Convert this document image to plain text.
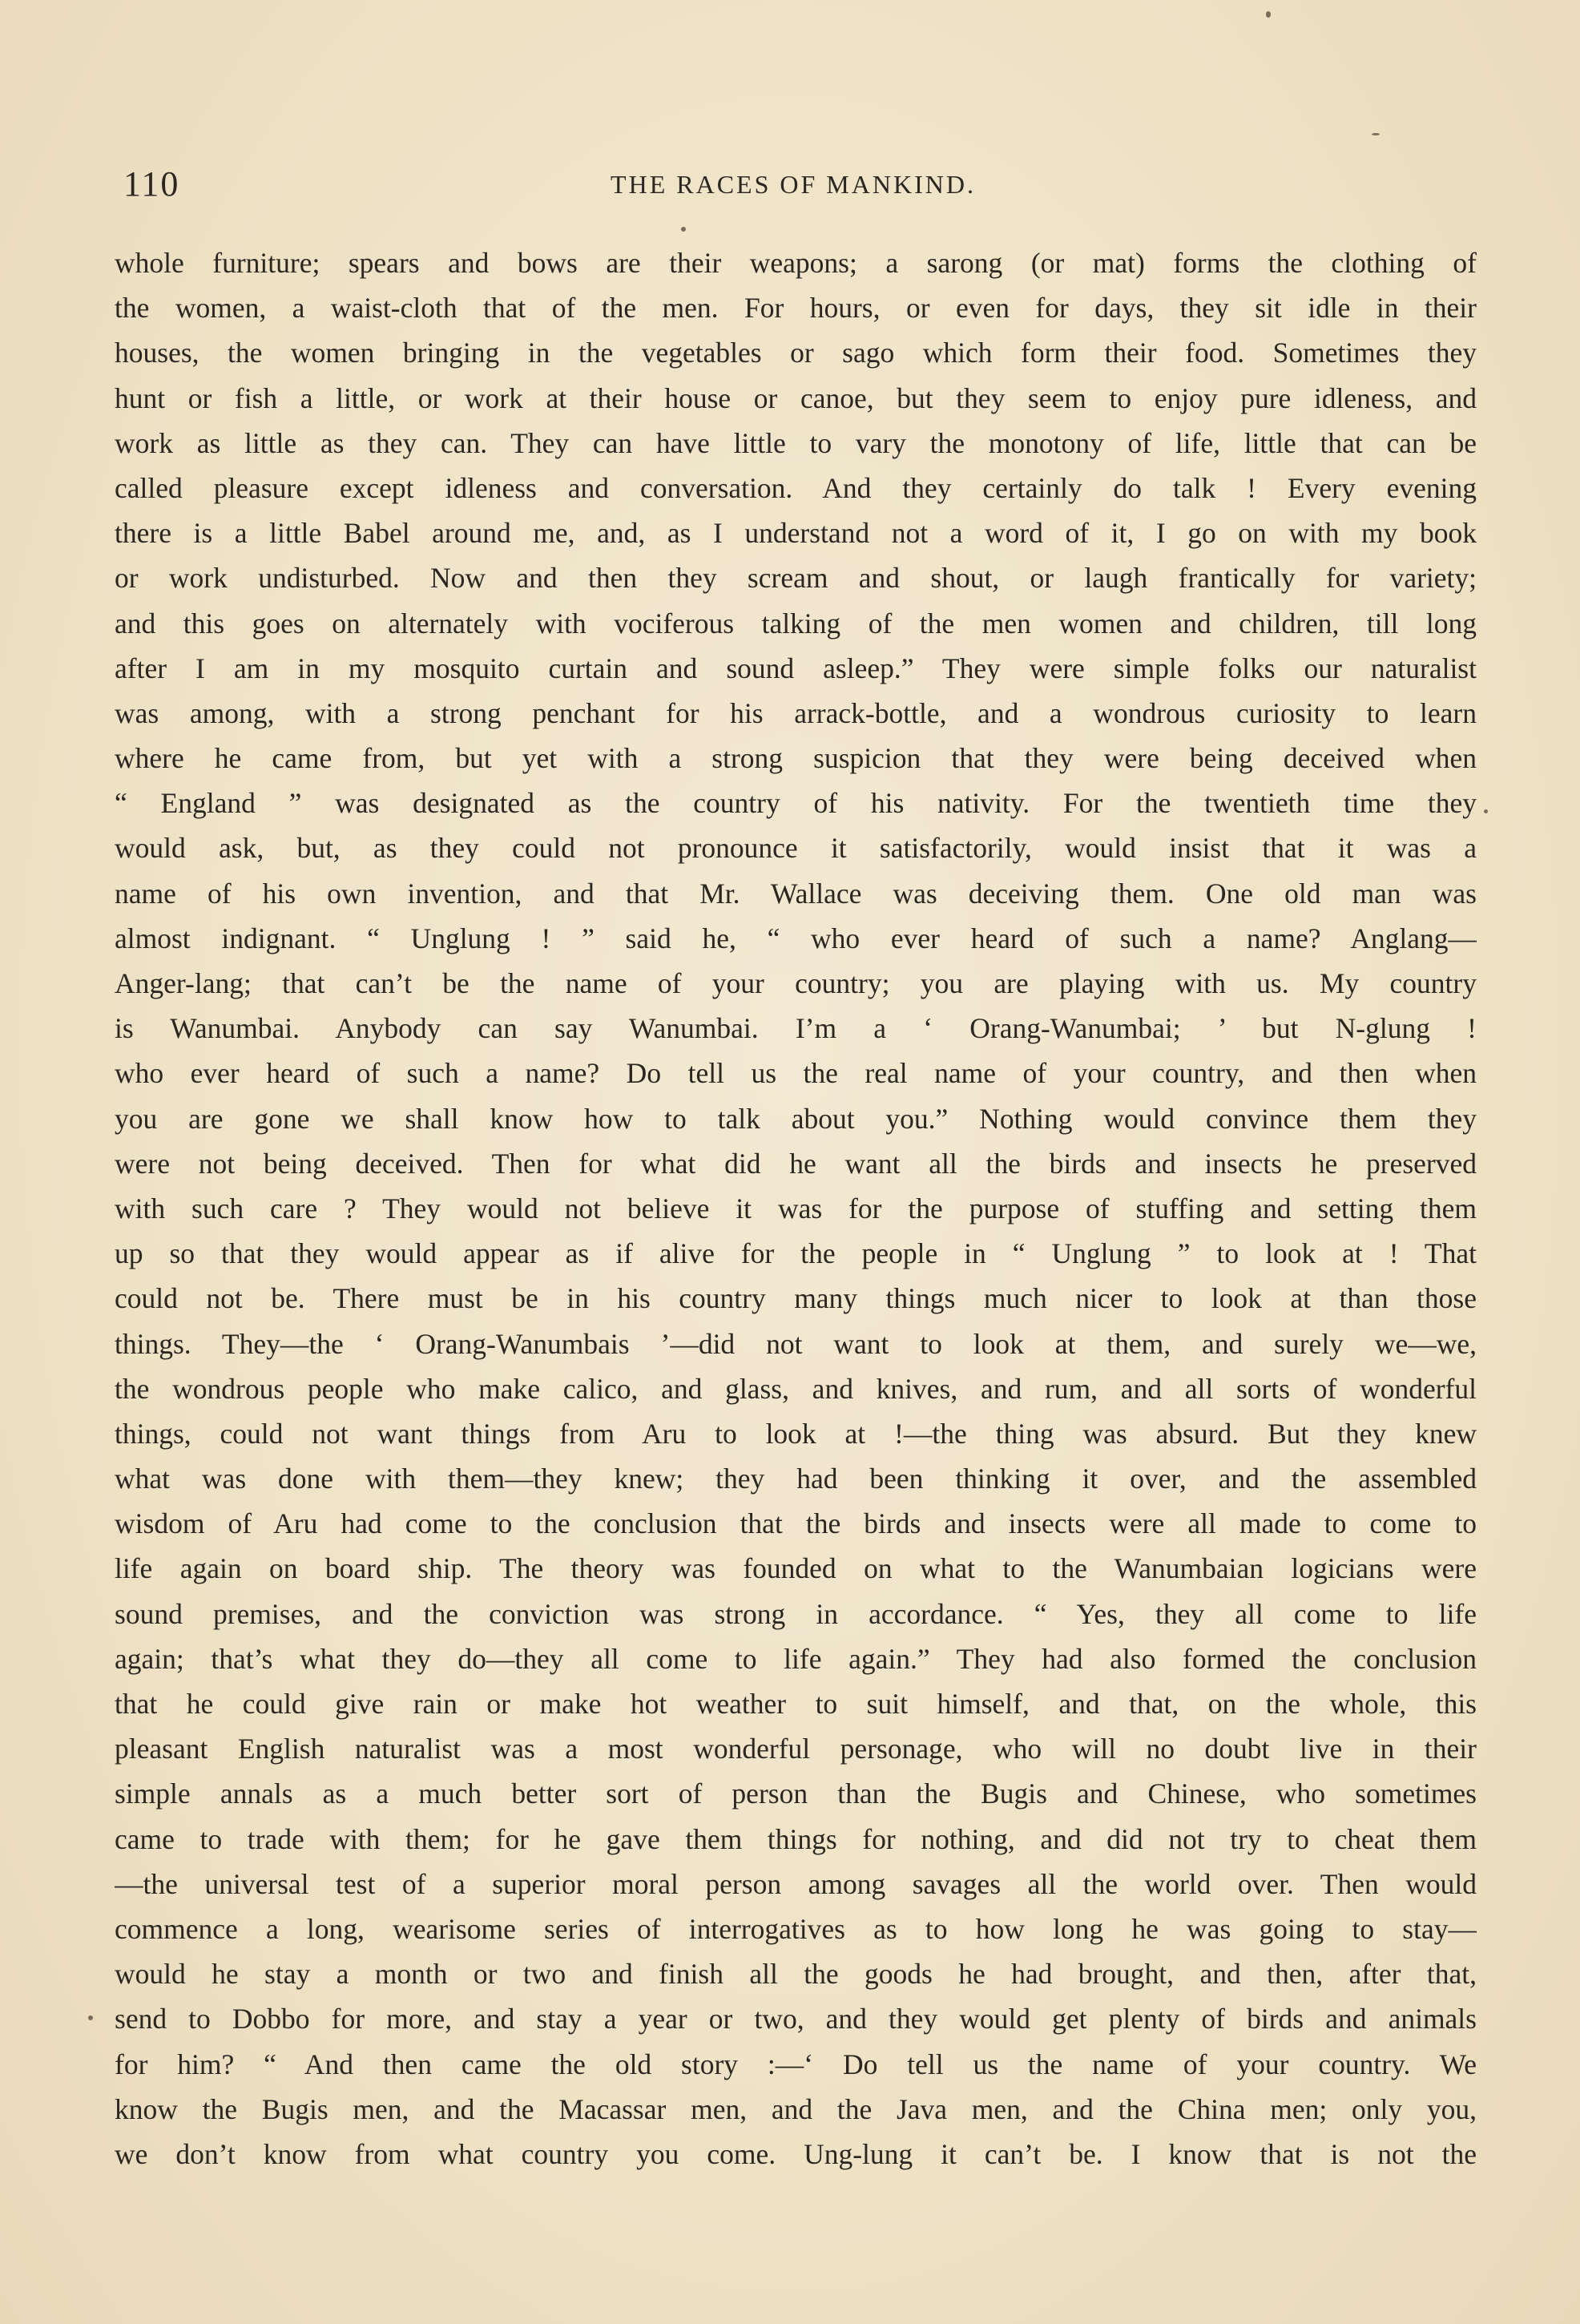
110	THE RACES OF MANKIND.
whole furniture; spears and bows are their weapons; a sarong (or mat) forms the clothing of
the women, a waist-cloth that of the men. For hours, or even for days, they sit idle in their
houses, the women bringing in the vegetables or sago which form their food. Sometimes they
hunt or fish a little, or work at their house or canoe, but they seem to enjoy pure idleness, and
work as little as they can. They can have little to vary the monotony of life, little that can be
called pleasure except idleness and conversation. And they certainly do talk ! Every evening
there is a little Babel around me, and, as I understand not a word of it, I go on with my book
or work undisturbed. Now and then they scream and shout, or laugh frantically for variety;
and this goes on alternately with vociferous talking of the men women and children, till long
after I am in my mosquito curtain and sound asleep.” They were simple folks our naturalist
was among, with a strong penchant for his arrack-bottle, and a wondrous curiosity to learn
where he came from, but yet with a strong suspicion that they were being deceived when
“ England ” was designated as the country of his nativity. For the twentieth time they
would ask, but, as they could not pronounce it satisfactorily, would insist that it was a
name of his own invention, and that Mr. Wallace was deceiving them. One old man was
almost indignant. “ Unglung ! ” said he, “ who ever heard of such a name? Anglang—
Anger-lang; that can’t be the name of your country; you are playing with us. My country
is Wanumbai. Anybody can say Wanumbai. I’m a ‘ Orang-Wanumbai; ’ but N-glung !
who ever heard of such a name? Do tell us the real name of your country, and then when
you are gone we shall know how to talk about you.” Nothing would convince them they
were not being deceived. Then for what did he want all the birds and insects he preserved
with such care ? They would not believe it was for the purpose of stuffing and setting them
up so that they would appear as if alive for the people in “ Unglung ” to look at ! That
could not be. There must be in his country many things much nicer to look at than those
things. They—the ‘ Orang-Wanumbais ’—did not want to look at them, and surely we—we,
the wondrous people who make calico, and glass, and knives, and rum, and all sorts of wonderful
things, could not want things from Aru to look at !—the thing was absurd. But they knew
what was done with them—they knew; they had been thinking it over, and the assembled
wisdom of Aru had come to the conclusion that the birds and insects were all made to come to
life again on board ship. The theory was founded on what to the Wanumbaian logicians were
sound premises, and the conviction was strong in accordance. “ Yes, they all come to life
again; that’s what they do—they all come to life again.” They had also formed the conclusion
that he could give rain or make hot weather to suit himself, and that, on the whole, this
pleasant English naturalist was a most wonderful personage, who will no doubt live in their
simple annals as a much better sort of person than the Bugis and Chinese, who sometimes
came to trade with them; for he gave them things for nothing, and did not try to cheat them
—the universal test of a superior moral person among savages all the world over. Then would
commence a long, wearisome series of interrogatives as to how long he was going to stay—
would he stay a month or two and finish all the goods he had brought, and then, after that,
send to Dobbo for more, and stay a year or two, and they would get plenty of birds and animals
for him? “ And then came the old story :—‘ Do tell us the name of your country. We
know the Bugis men, and the Macassar men, and the Java men, and the China men; only you,
we don’t know from what country you come. Ung-lung it can’t be. I know that is not the
